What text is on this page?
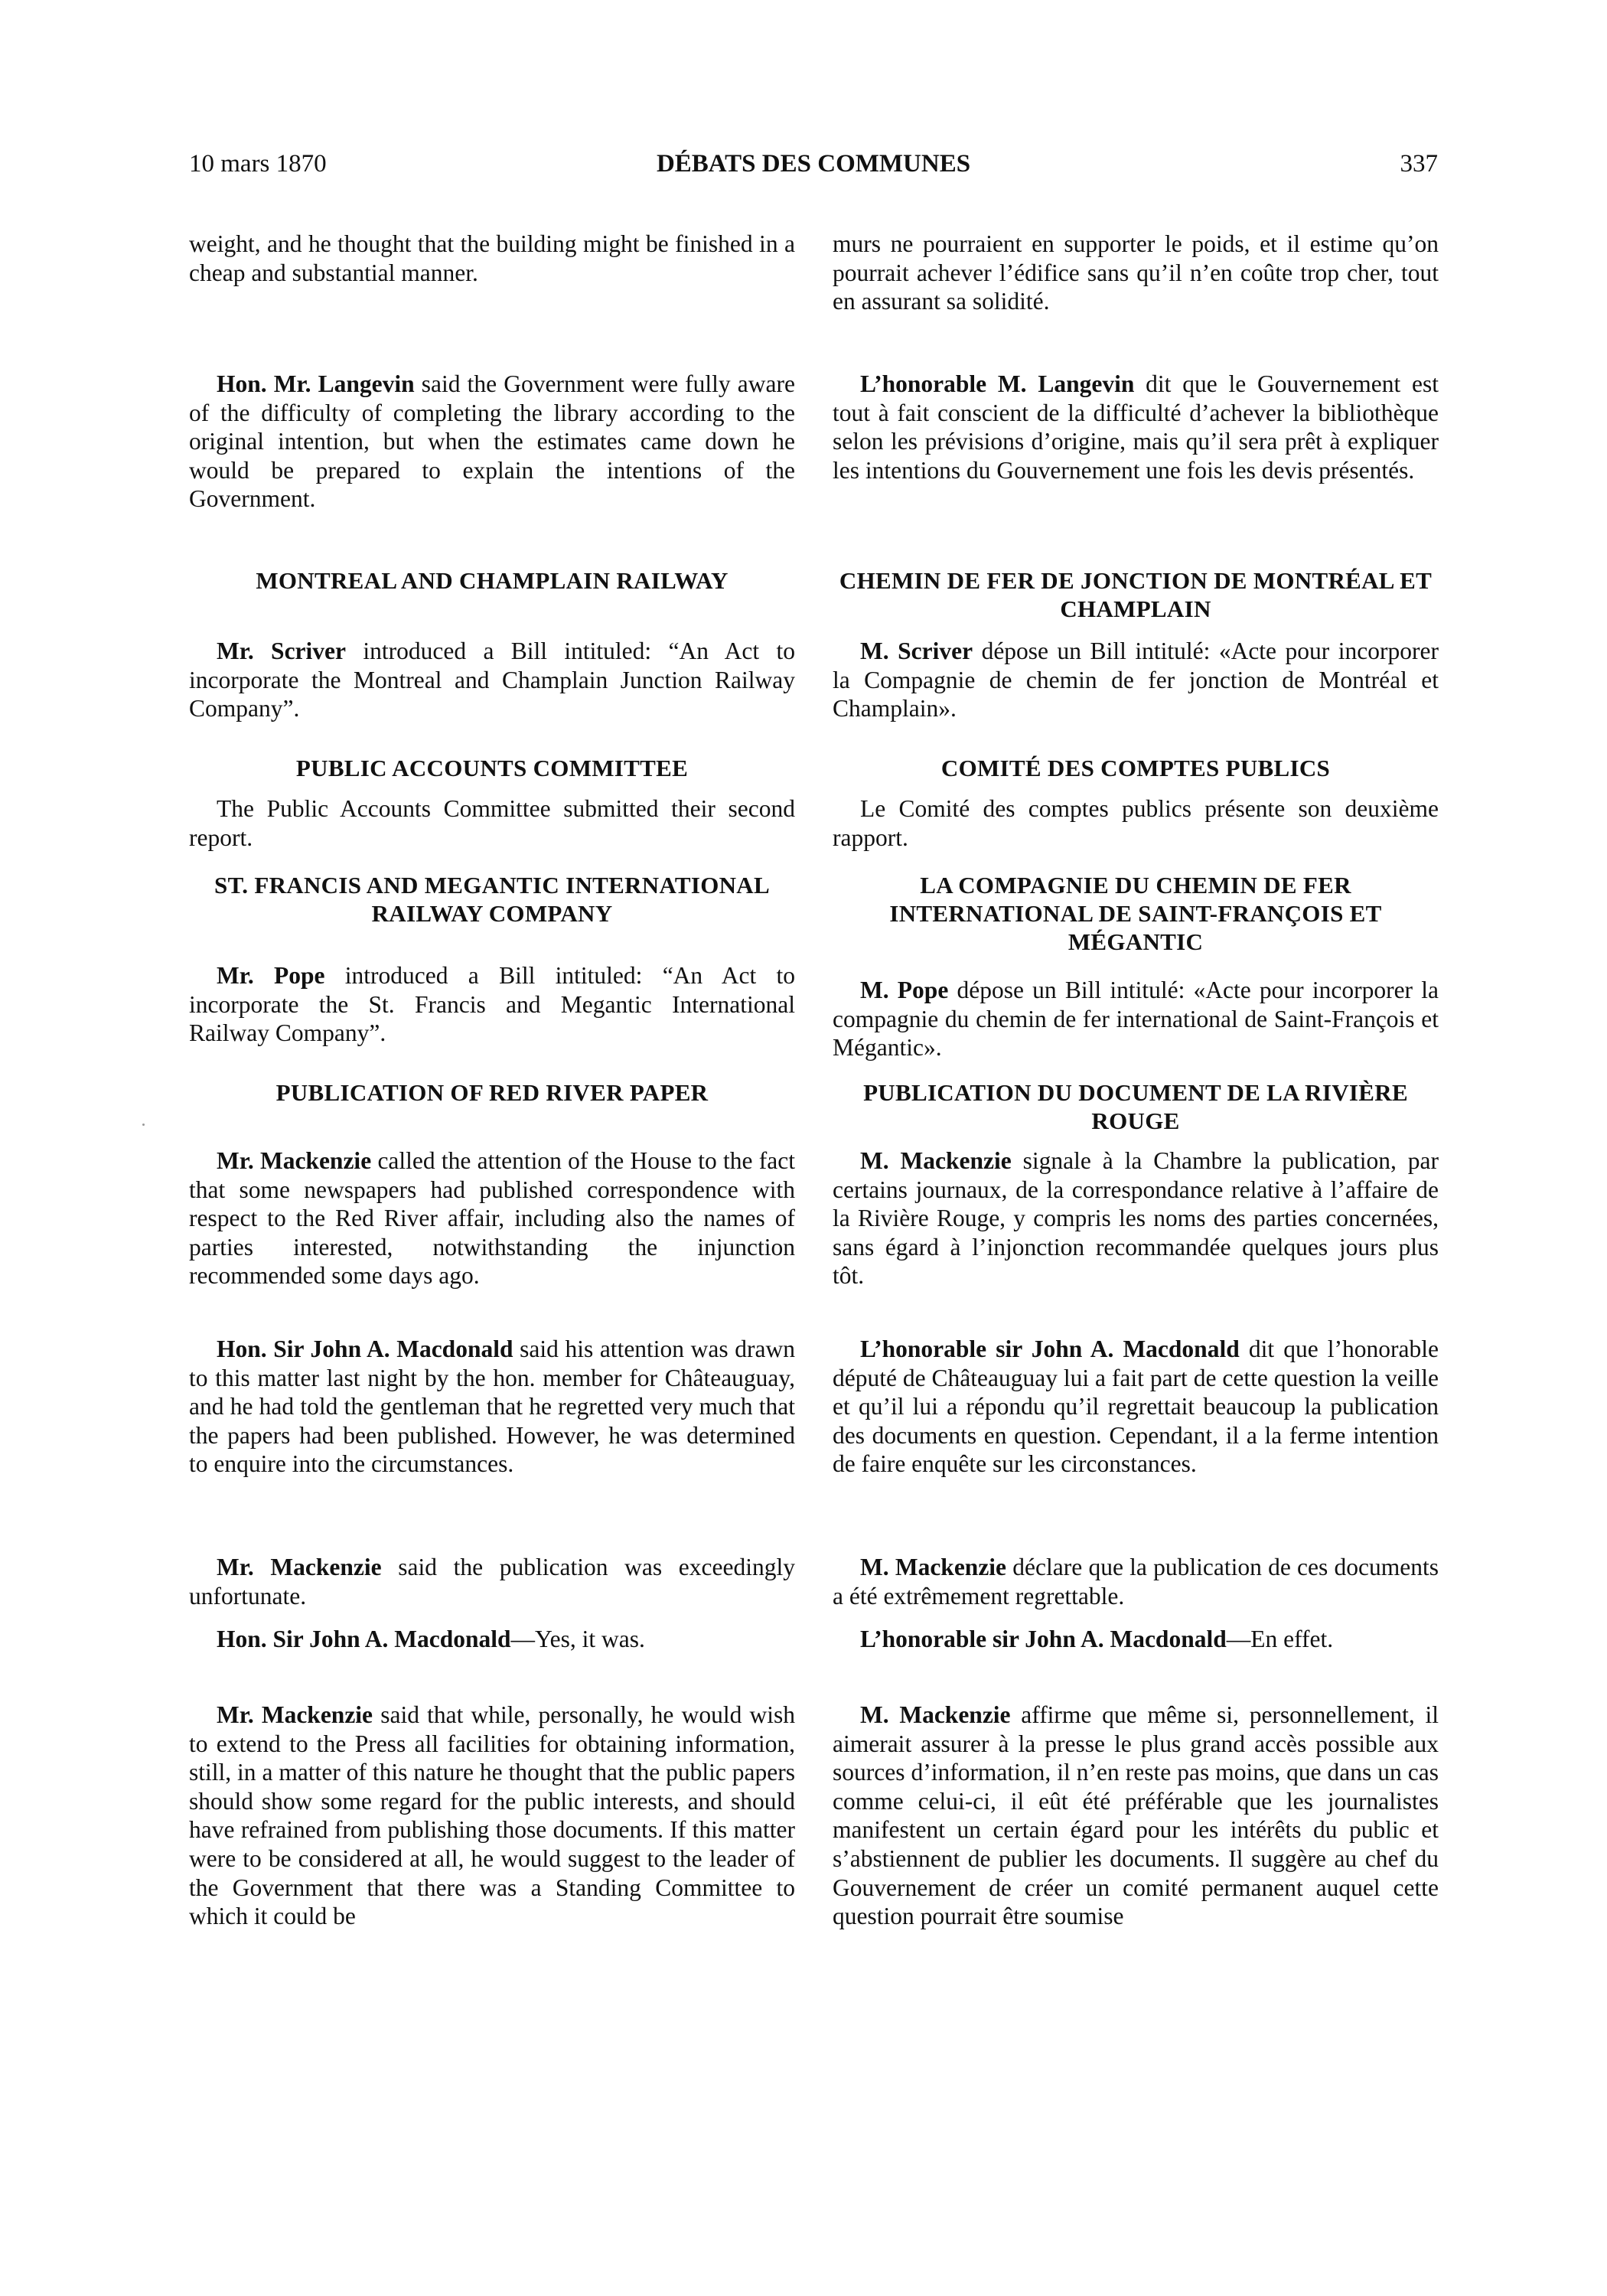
10 mars 1870	DÉBATS DES COMMUNES	337

weight, and he thought that the building might be finished in a cheap and substantial manner.

Hon. Mr. Langevin said the Government were fully aware of the difficulty of completing the library according to the original intention, but when the estimates came down he would be prepared to explain the intentions of the Government.

MONTREAL AND CHAMPLAIN RAILWAY

Mr. Scriver introduced a Bill intituled: “An Act to incorporate the Montreal and Champlain Junction Railway Company”.

PUBLIC ACCOUNTS COMMITTEE

The Public Accounts Committee submitted their second report.

ST. FRANCIS AND MEGANTIC INTERNATIONAL RAILWAY COMPANY

Mr. Pope introduced a Bill intituled: “An Act to incorporate the St. Francis and Megantic International Railway Company”.

PUBLICATION OF RED RIVER PAPER

Mr. Mackenzie called the attention of the House to the fact that some newspapers had published correspondence with respect to the Red River affair, including also the names of parties interested, notwithstanding the injunction recommended some days ago.

Hon. Sir John A. Macdonald said his attention was drawn to this matter last night by the hon. member for Châteauguay, and he had told the gentleman that he regretted very much that the papers had been published. However, he was determined to enquire into the circumstances.

Mr. Mackenzie said the publication was exceedingly unfortunate.

Hon. Sir John A. Macdonald—Yes, it was.

Mr. Mackenzie said that while, personally, he would wish to extend to the Press all facilities for obtaining information, still, in a matter of this nature he thought that the public papers should show some regard for the public interests, and should have refrained from publishing those documents. If this matter were to be considered at all, he would suggest to the leader of the Government that there was a Standing Committee to which it could be

murs ne pourraient en supporter le poids, et il estime qu’on pourrait achever l’édifice sans qu’il n’en coûte trop cher, tout en assurant sa solidité.

L’honorable M. Langevin dit que le Gouvernement est tout à fait conscient de la difficulté d’achever la bibliothèque selon les prévisions d’origine, mais qu’il sera prêt à expliquer les intentions du Gouvernement une fois les devis présentés.

CHEMIN DE FER DE JONCTION DE MONTRÉAL ET CHAMPLAIN

M. Scriver dépose un Bill intitulé: «Acte pour incorporer la Compagnie de chemin de fer jonction de Montréal et Champlain».

COMITÉ DES COMPTES PUBLICS

Le Comité des comptes publics présente son deuxième rapport.

LA COMPAGNIE DU CHEMIN DE FER INTERNATIONAL DE SAINT-FRANÇOIS ET MÉGANTIC

M. Pope dépose un Bill intitulé: «Acte pour incorporer la compagnie du chemin de fer international de Saint-François et Mégantic».

PUBLICATION DU DOCUMENT DE LA RIVIÈRE ROUGE

M. Mackenzie signale à la Chambre la publication, par certains journaux, de la correspondance relative à l’affaire de la Rivière Rouge, y compris les noms des parties concernées, sans égard à l’injonction recommandée quelques jours plus tôt.

L’honorable sir John A. Macdonald dit que l’honorable député de Châteauguay lui a fait part de cette question la veille et qu’il lui a répondu qu’il regrettait beaucoup la publication des documents en question. Cependant, il a la ferme intention de faire enquête sur les circonstances.

M. Mackenzie déclare que la publication de ces documents a été extrêmement regrettable.

L’honorable sir John A. Macdonald—En effet.

M. Mackenzie affirme que même si, personnellement, il aimerait assurer à la presse le plus grand accès possible aux sources d’information, il n’en reste pas moins, que dans un cas comme celui-ci, il eût été préférable que les journalistes manifestent un certain égard pour les intérêts du public et s’abstiennent de publier les documents. Il suggère au chef du Gouvernement de créer un comité permanent auquel cette question pourrait être soumise
